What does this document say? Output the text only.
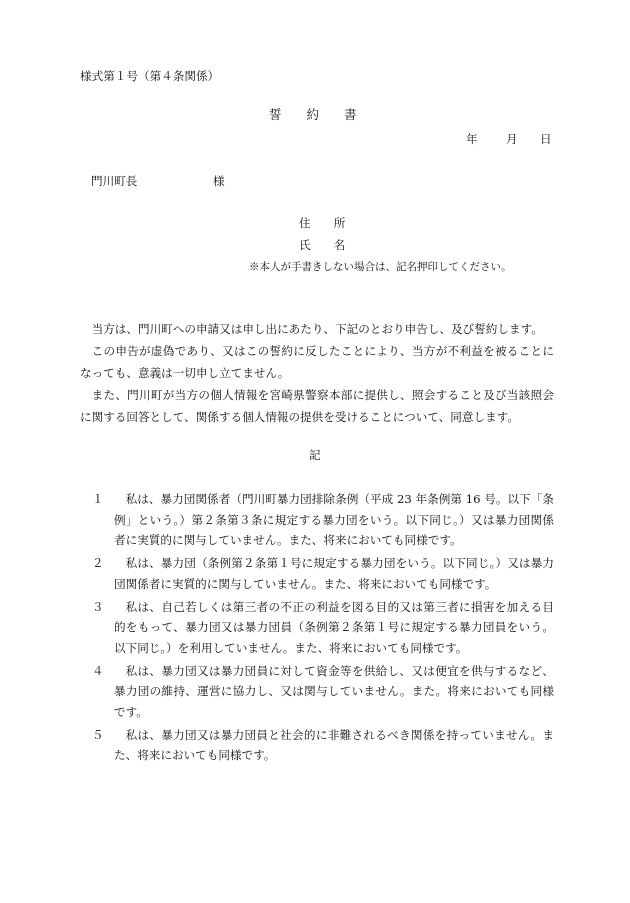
様式第１号（第４条関係）
誓　　約　　書
年 月 日
門川町長	様
住　　所
氏　　名
※本人が手書きしない場合は、記名押印してください。

当方は、門川町への申請又は申し出にあたり、下記のとおり申告し、及び誓約します。

この申告が虚偽であり、又はこの誓約に反したことにより、当方が不利益を被ることになっても、意義は一切申し立てません。

また、門川町が当方の個人情報を宮崎県警察本部に提供し、照会すること及び当該照会に関する回答として、関係する個人情報の提供を受けることについて、同意します。

記
１	私は、暴力団関係者（門川町暴力団排除条例（平成 23 年条例第 16 号。以下「条例」という。）第２条第３条に規定する暴力団をいう。以下同じ。）又は暴力団関係者に実質的に関与していません。また、将来においても同様です。
２	私は、暴力団（条例第２条第１号に規定する暴力団をいう。以下同じ。）又は暴力団関係者に実質的に関与していません。また、将来においても同様です。
３	私は、自己若しくは第三者の不正の利益を図る目的又は第三者に損害を加える目的をもって、暴力団又は暴力団員（条例第２条第１号に規定する暴力団員をいう。以下同じ。）を利用していません。また、将来においても同様です。
４	私は、暴力団又は暴力団員に対して資金等を供給し、又は便宜を供与するなど、暴力団の維持、運営に協力し、又は関与していません。また。将来においても同様です。
５	私は、暴力団又は暴力団員と社会的に非難されるべき関係を持っていません。また、将来においても同様です。
